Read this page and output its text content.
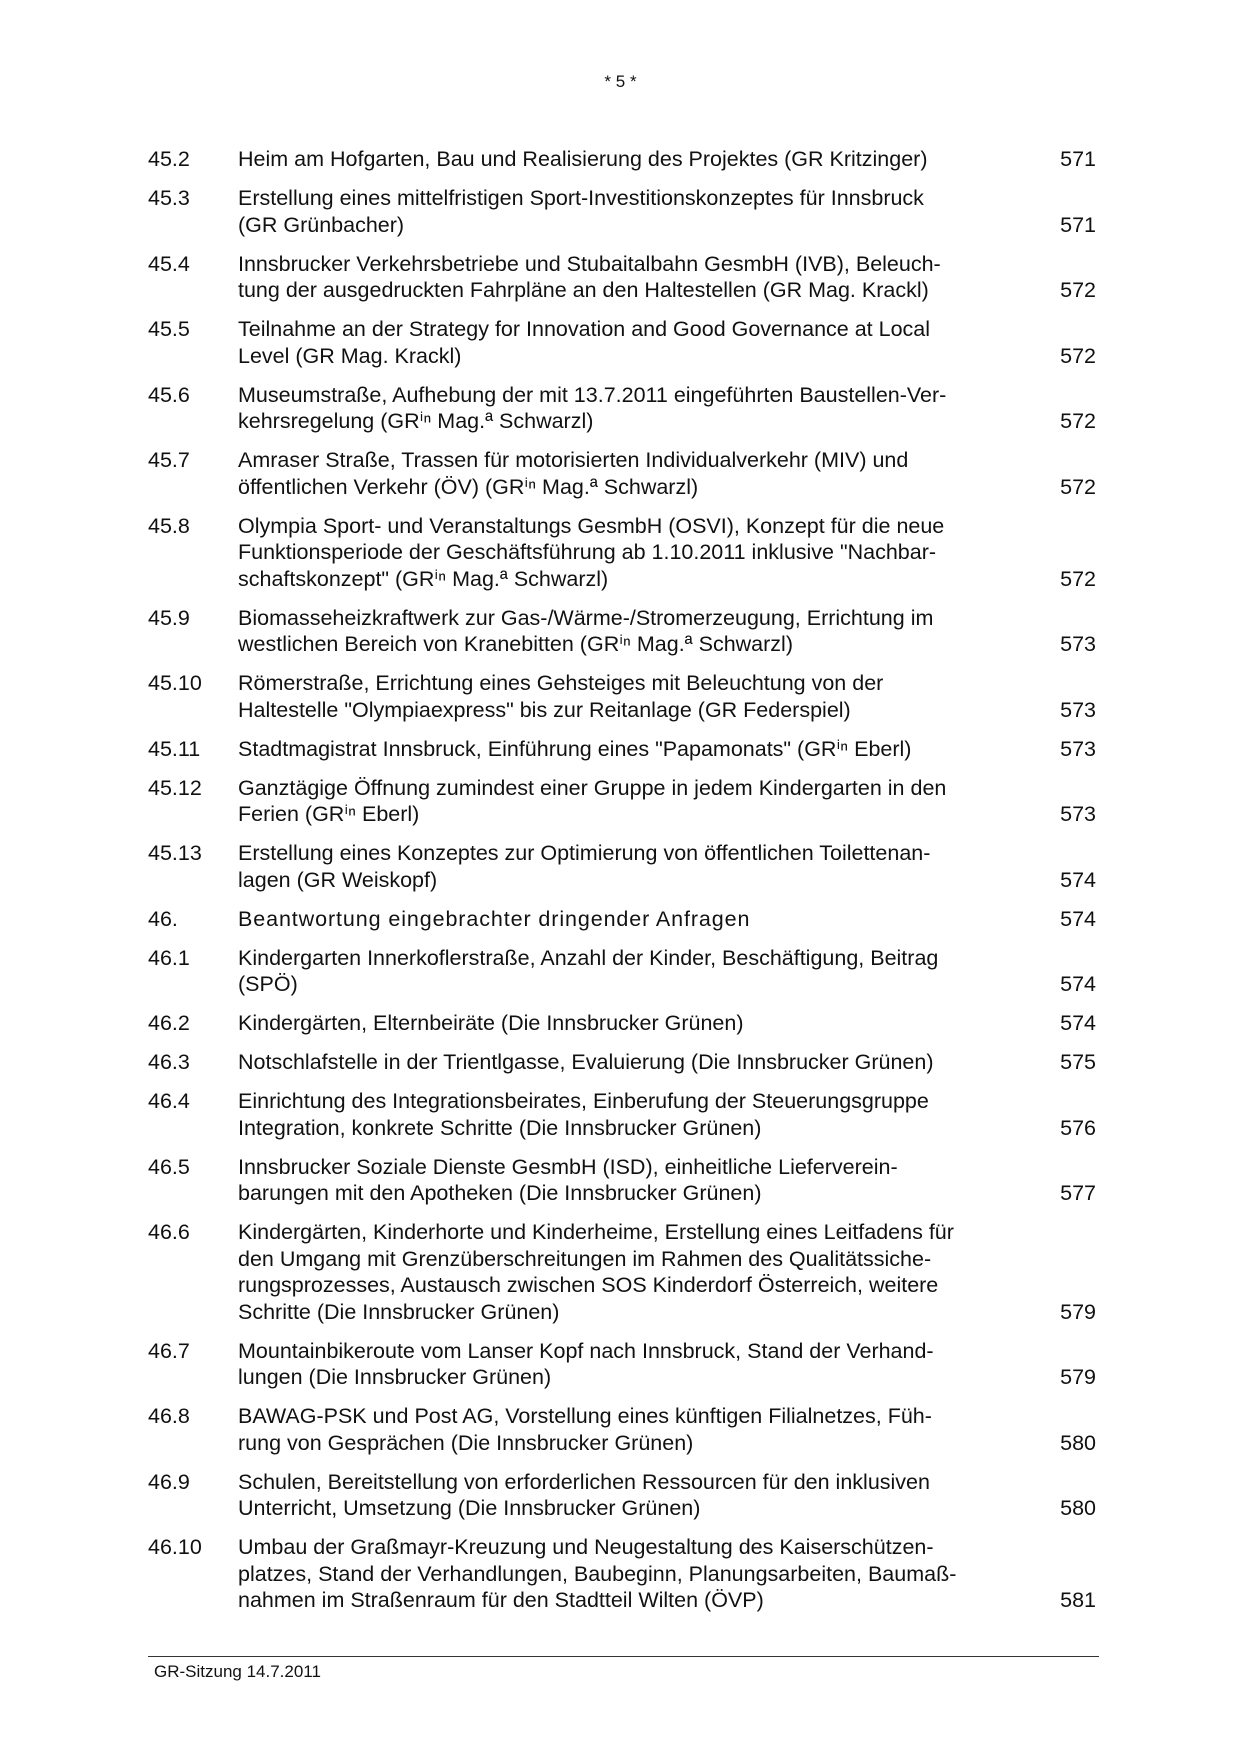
* 5 *
45.2	Heim am Hofgarten, Bau und Realisierung des Projektes (GR Kritzinger)	571
45.3	Erstellung eines mittelfristigen Sport-Investitionskonzeptes für Innsbruck
(GR Grünbacher)	571
45.4	Innsbrucker Verkehrsbetriebe und Stubaitalbahn GesmbH (IVB), Beleuch-
tung der ausgedruckten Fahrpläne an den Haltestellen (GR Mag. Krackl)	572
45.5	Teilnahme an der Strategy for Innovation and Good Governance at Local
Level (GR Mag. Krackl)	572
45.6	Museumstraße, Aufhebung der mit 13.7.2011 eingeführten Baustellen-Ver-
kehrsregelung (GRⁱⁿ Mag.ª Schwarzl)	572
45.7	Amraser Straße, Trassen für motorisierten Individualverkehr (MIV) und
öffentlichen Verkehr (ÖV) (GRⁱⁿ Mag.ª Schwarzl)	572
45.8	Olympia Sport- und Veranstaltungs GesmbH (OSVI), Konzept für die neue
Funktionsperiode der Geschäftsführung ab 1.10.2011 inklusive "Nachbar-
schaftskonzept" (GRⁱⁿ Mag.ª Schwarzl)	572
45.9	Biomasseheizkraftwerk zur Gas-/Wärme-/Stromerzeugung, Errichtung im
westlichen Bereich von Kranebitten (GRⁱⁿ Mag.ª Schwarzl)	573
45.10	Römerstraße, Errichtung eines Gehsteiges mit Beleuchtung von der
Haltestelle "Olympiaexpress" bis zur Reitanlage (GR Federspiel)	573
45.11	Stadtmagistrat Innsbruck, Einführung eines "Papamonats" (GRⁱⁿ Eberl)	573
45.12	Ganztägige Öffnung zumindest einer Gruppe in jedem Kindergarten in den
Ferien (GRⁱⁿ Eberl)	573
45.13	Erstellung eines Konzeptes zur Optimierung von öffentlichen Toilettenan-
lagen (GR Weiskopf)	574
46.	Beantwortung eingebrachter dringender Anfragen	574
46.1	Kindergarten Innerkoflerstraße, Anzahl der Kinder, Beschäftigung, Beitrag
(SPÖ)	574
46.2	Kindergärten, Elternbeiräte (Die Innsbrucker Grünen)	574
46.3	Notschlafstelle in der Trientlgasse, Evaluierung (Die Innsbrucker Grünen)	575
46.4	Einrichtung des Integrationsbeirates, Einberufung der Steuerungsgruppe
Integration, konkrete Schritte (Die Innsbrucker Grünen)	576
46.5	Innsbrucker Soziale Dienste GesmbH (ISD), einheitliche Lieferverein-
barungen mit den Apotheken (Die Innsbrucker Grünen)	577
46.6	Kindergärten, Kinderhorte und Kinderheime, Erstellung eines Leitfadens für
den Umgang mit Grenzüberschreitungen im Rahmen des Qualitätssiche-
rungsprozesses, Austausch zwischen SOS Kinderdorf Österreich, weitere
Schritte (Die Innsbrucker Grünen)	579
46.7	Mountainbikeroute vom Lanser Kopf nach Innsbruck, Stand der Verhand-
lungen (Die Innsbrucker Grünen)	579
46.8	BAWAG-PSK und Post AG, Vorstellung eines künftigen Filialnetzes, Füh-
rung von Gesprächen (Die Innsbrucker Grünen)	580
46.9	Schulen, Bereitstellung von erforderlichen Ressourcen für den inklusiven
Unterricht, Umsetzung (Die Innsbrucker Grünen)	580
46.10	Umbau der Graßmayr-Kreuzung und Neugestaltung des Kaiserschützen-
platzes, Stand der Verhandlungen, Baubeginn, Planungsarbeiten, Baumaß-
nahmen im Straßenraum für den Stadtteil Wilten (ÖVP)	581
GR-Sitzung 14.7.2011
